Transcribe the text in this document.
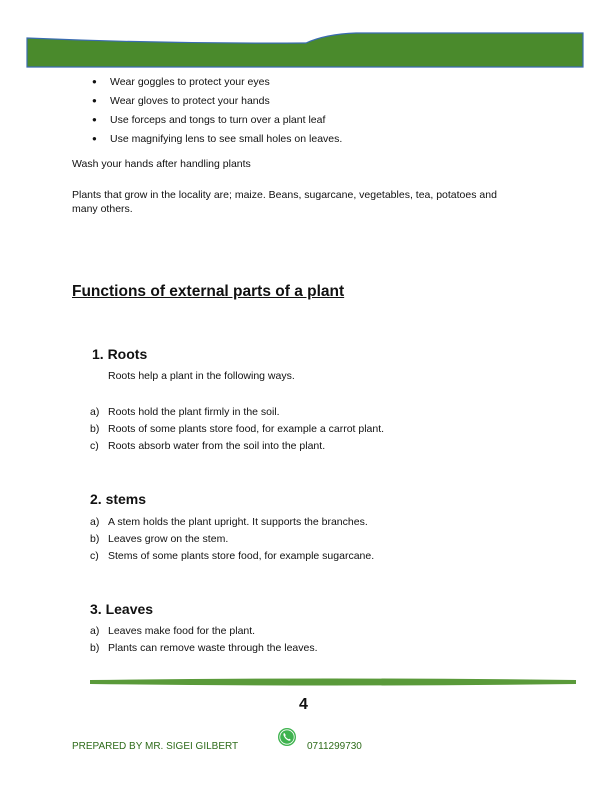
● Wear goggles to protect your eyes
● Wear gloves to protect your hands
● Use forceps and tongs to turn over a plant leaf
● Use magnifying lens to see small holes on leaves.
Wash your hands after handling plants
Plants that grow in the locality are; maize. Beans, sugarcane, vegetables, tea, potatoes and many others.
Functions of external parts of a plant
1. Roots
Roots help a plant in the following ways.
a) Roots hold the plant firmly in the soil.
b) Roots of some plants store food, for example a carrot plant.
c) Roots absorb water from the soil into the plant.
2. stems
a) A stem holds the plant upright. It supports the branches.
b) Leaves grow on the stem.
c) Stems of some plants store food, for example sugarcane.
3. Leaves
a) Leaves make food for the plant.
b) Plants can remove waste through the leaves.
4
PREPARED BY MR. SIGEI GILBERT	0711299730
